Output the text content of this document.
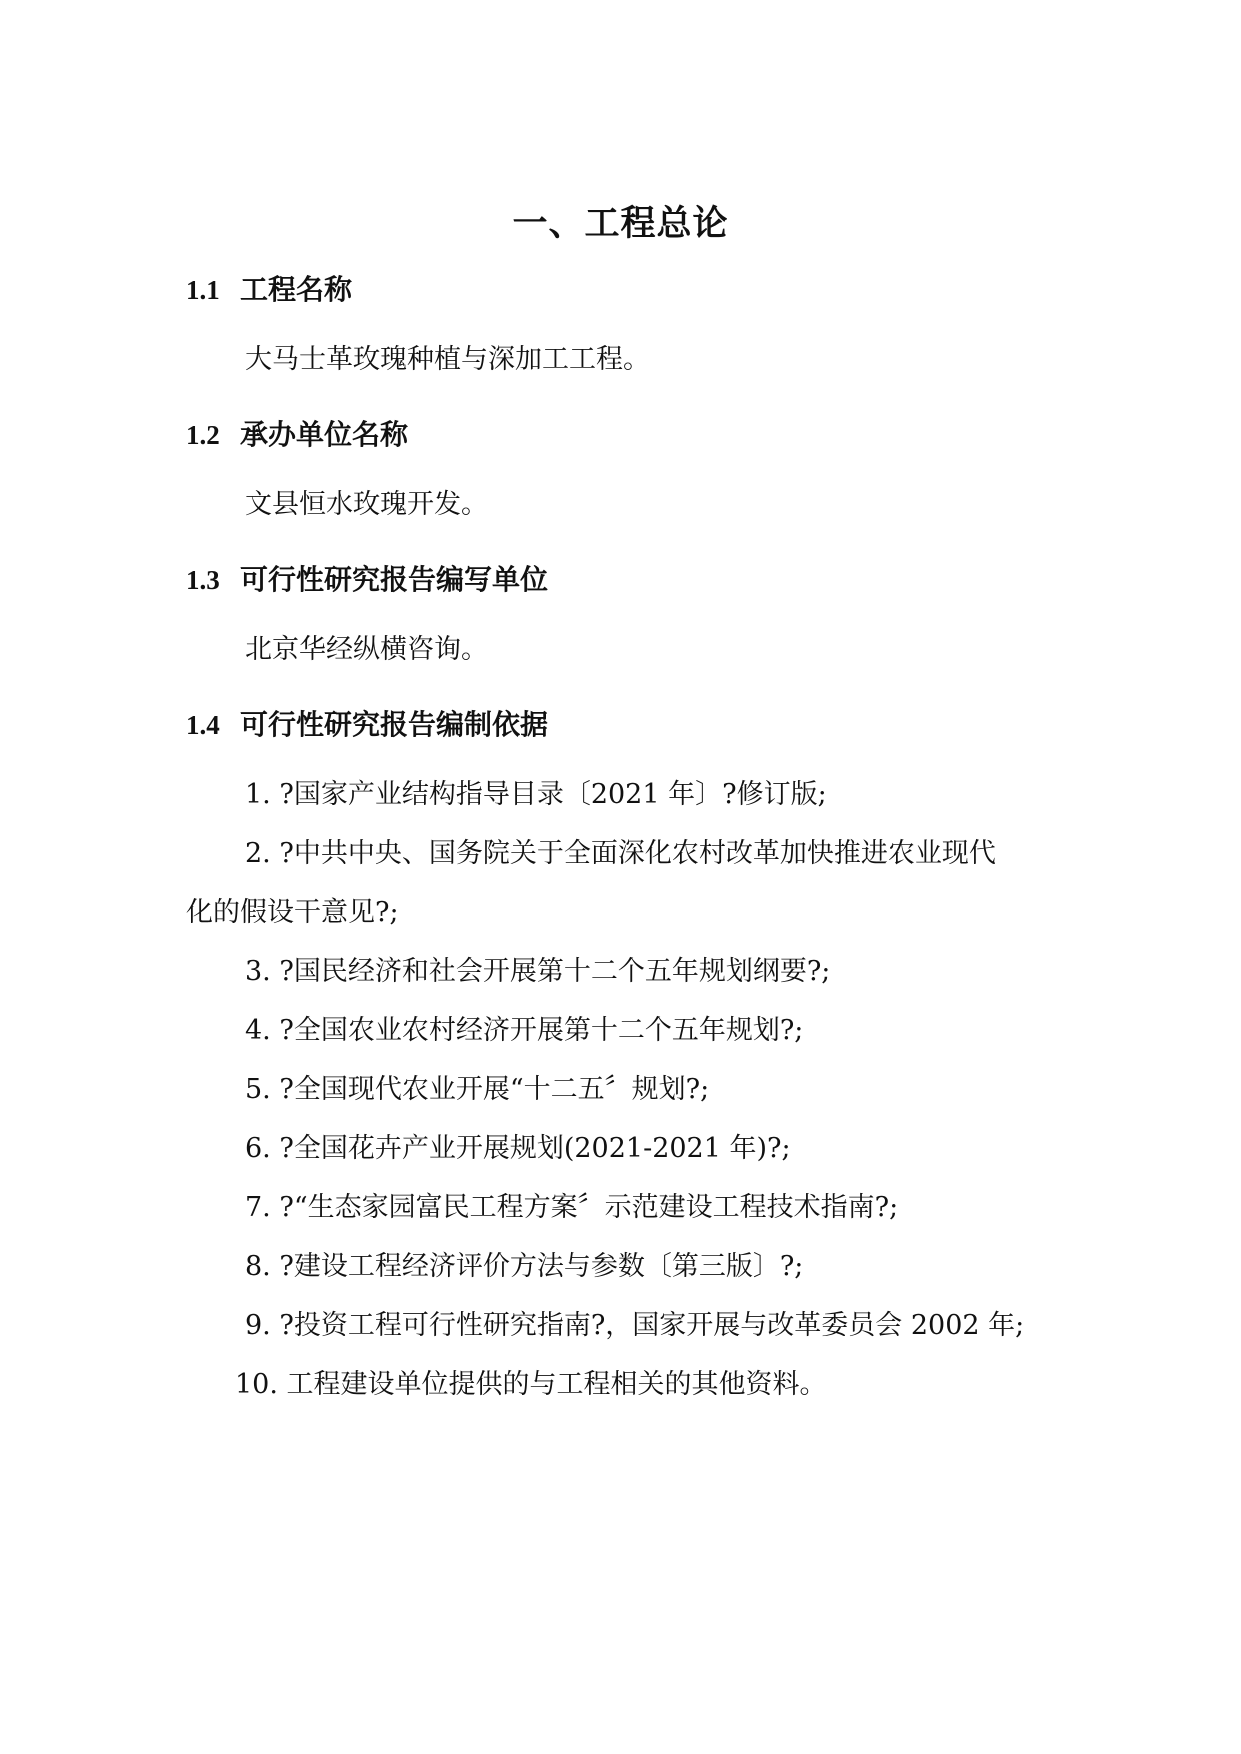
一、工程总论
1.1 工程名称
大马士革玫瑰种植与深加工工程。
1.2 承办单位名称
文县恒水玫瑰开发。
1.3 可行性研究报告编写单位
北京华经纵横咨询。
1.4 可行性研究报告编制依据
1. ?国家产业结构指导目录〔2021 年〕?修订版;
2. ?中共中央、国务院关于全面深化农村改革加快推进农业现代
化的假设干意见?;
3. ?国民经济和社会开展第十二个五年规划纲要?;
4. ?全国农业农村经济开展第十二个五年规划?;
5. ?全国现代农业开展“十二五〞规划?;
6. ?全国花卉产业开展规划(2021-2021 年)?;
7. ?“生态家园富民工程方案〞示范建设工程技术指南?;
8. ?建设工程经济评价方法与参数〔第三版〕?;
9. ?投资工程可行性研究指南?，国家开展与改革委员会 2002 年;
10. 工程建设单位提供的与工程相关的其他资料。
